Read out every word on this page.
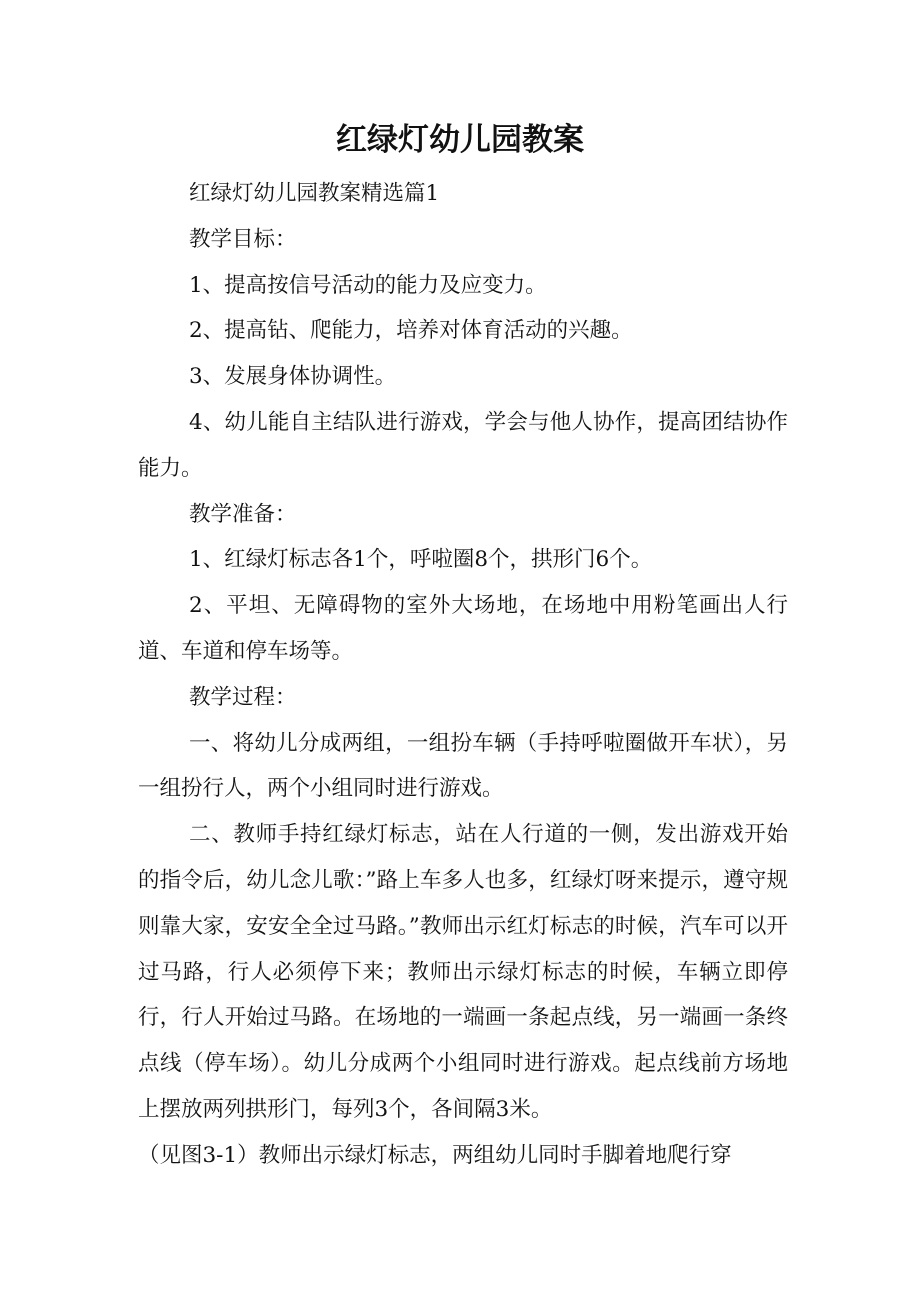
红绿灯幼儿园教案

红绿灯幼儿园教案精选篇1

教学目标：

1、提高按信号活动的能力及应变力。

2、提高钻、爬能力，培养对体育活动的兴趣。

3、发展身体协调性。

4、幼儿能自主结队进行游戏，学会与他人协作，提高团结协作能力。

教学准备：

1、红绿灯标志各1个，呼啦圈8个，拱形门6个。

2、平坦、无障碍物的室外大场地，在场地中用粉笔画出人行道、车道和停车场等。

教学过程：

一、将幼儿分成两组，一组扮车辆（手持呼啦圈做开车状），另一组扮行人，两个小组同时进行游戏。

二、教师手持红绿灯标志，站在人行道的一侧，发出游戏开始的指令后，幼儿念儿歌：”路上车多人也多，红绿灯呀来提示，遵守规则靠大家，安安全全过马路。”教师出示红灯标志的时候，汽车可以开过马路，行人必须停下来；教师出示绿灯标志的时候，车辆立即停行，行人开始过马路。在场地的一端画一条起点线，另一端画一条终点线（停车场）。幼儿分成两个小组同时进行游戏。起点线前方场地上摆放两列拱形门，每列3个，各间隔3米。

（见图3-1）教师出示绿灯标志，两组幼儿同时手脚着地爬行穿
